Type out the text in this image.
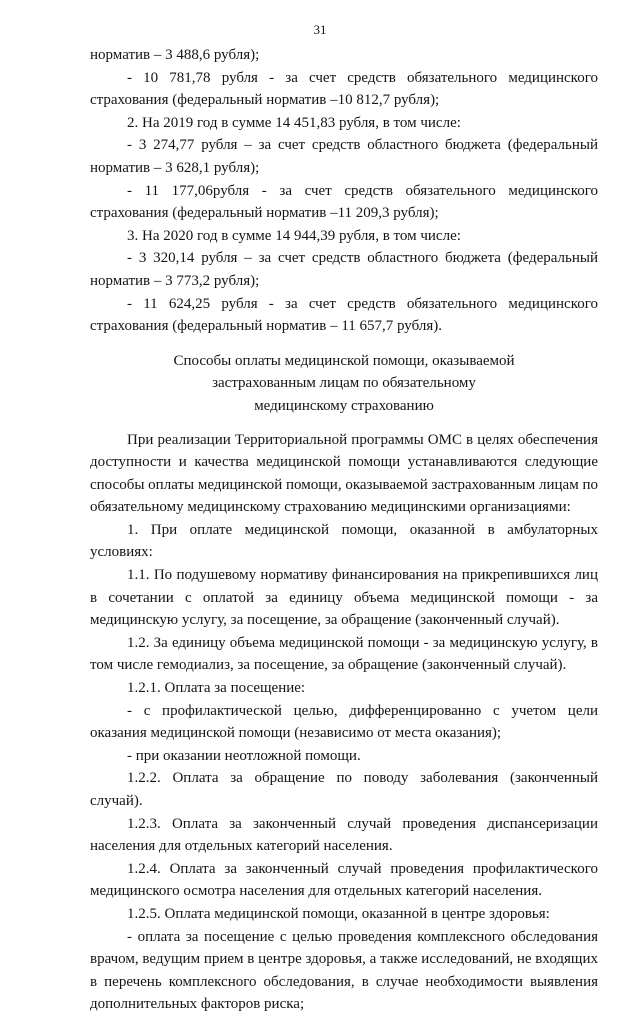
31

норматив – 3 488,6 рубля);

- 10 781,78 рубля - за счет средств обязательного медицинского страхования (федеральный норматив –10 812,7 рубля);

2. На 2019 год в сумме 14 451,83 рубля, в том числе:

- 3 274,77 рубля – за счет средств областного бюджета (федеральный норматив – 3 628,1 рубля);

- 11 177,06рубля - за счет средств обязательного медицинского страхования (федеральный норматив –11 209,3 рубля);

3. На 2020 год в сумме 14 944,39 рубля, в том числе:

- 3 320,14 рубля – за счет средств областного бюджета (федеральный норматив – 3 773,2 рубля);

- 11 624,25 рубля - за счет средств обязательного медицинского страхования (федеральный норматив – 11 657,7 рубля).

Способы оплаты медицинской помощи, оказываемой
застрахованным лицам по обязательному
медицинскому страхованию

При реализации Территориальной программы ОМС в целях обеспечения доступности и качества медицинской помощи устанавливаются следующие способы оплаты медицинской помощи, оказываемой застрахованным лицам по обязательному медицинскому страхованию медицинскими организациями:

1. При оплате медицинской помощи, оказанной в амбулаторных условиях:

1.1. По подушевому нормативу финансирования на прикрепившихся лиц в сочетании с оплатой за единицу объема медицинской помощи - за медицинскую услугу, за посещение, за обращение (законченный случай).

1.2. За единицу объема медицинской помощи - за медицинскую услугу, в том числе гемодиализ, за посещение, за обращение (законченный случай).

1.2.1. Оплата за посещение:

- с профилактической целью, дифференцированно с учетом цели оказания медицинской помощи (независимо от места оказания);

- при оказании неотложной помощи.

1.2.2. Оплата за обращение по поводу заболевания (законченный случай).

1.2.3. Оплата за законченный случай проведения диспансеризации населения для отдельных категорий населения.

1.2.4. Оплата за законченный случай проведения профилактического медицинского осмотра населения для отдельных категорий населения.

1.2.5. Оплата медицинской помощи, оказанной в центре здоровья:

- оплата за посещение с целью проведения комплексного обследования врачом, ведущим прием в центре здоровья, а также исследований, не входящих в перечень комплексного обследования, в случае необходимости выявления дополнительных факторов риска;
